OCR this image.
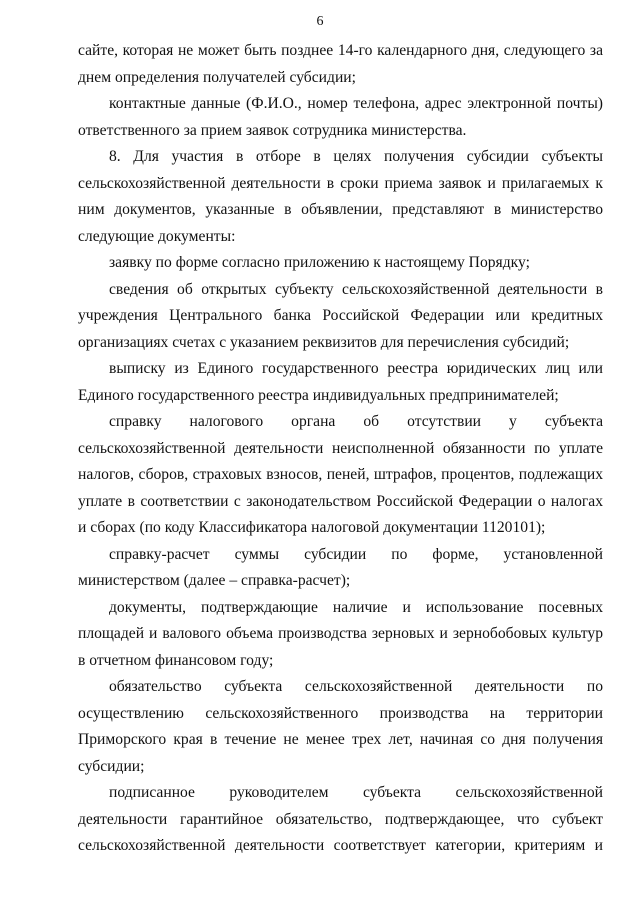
6

сайте, которая не может быть позднее 14-го календарного дня, следующего за днем определения получателей субсидии;

контактные данные (Ф.И.О., номер телефона, адрес электронной почты) ответственного за прием заявок сотрудника министерства.

8. Для участия в отборе в целях получения субсидии субъекты сельскохозяйственной деятельности в сроки приема заявок и прилагаемых к ним документов, указанные в объявлении, представляют в министерство следующие документы:

заявку по форме согласно приложению к настоящему Порядку;

сведения об открытых субъекту сельскохозяйственной деятельности в учреждения Центрального банка Российской Федерации или кредитных организациях счетах с указанием реквизитов для перечисления субсидий;

выписку из Единого государственного реестра юридических лиц или Единого государственного реестра индивидуальных предпринимателей;

справку налогового органа об отсутствии у субъекта сельскохозяйственной деятельности неисполненной обязанности по уплате налогов, сборов, страховых взносов, пеней, штрафов, процентов, подлежащих уплате в соответствии с законодательством Российской Федерации о налогах и сборах (по коду Классификатора налоговой документации 1120101);

справку-расчет суммы субсидии по форме, установленной министерством (далее – справка-расчет);

документы, подтверждающие наличие и использование посевных площадей и валового объема производства зерновых и зернобобовых культур в отчетном финансовом году;

обязательство субъекта сельскохозяйственной деятельности по осуществлению сельскохозяйственного производства на территории Приморского края в течение не менее трех лет, начиная со дня получения субсидии;

подписанное руководителем субъекта сельскохозяйственной деятельности гарантийное обязательство, подтверждающее, что субъект сельскохозяйственной деятельности соответствует категории, критериям и
